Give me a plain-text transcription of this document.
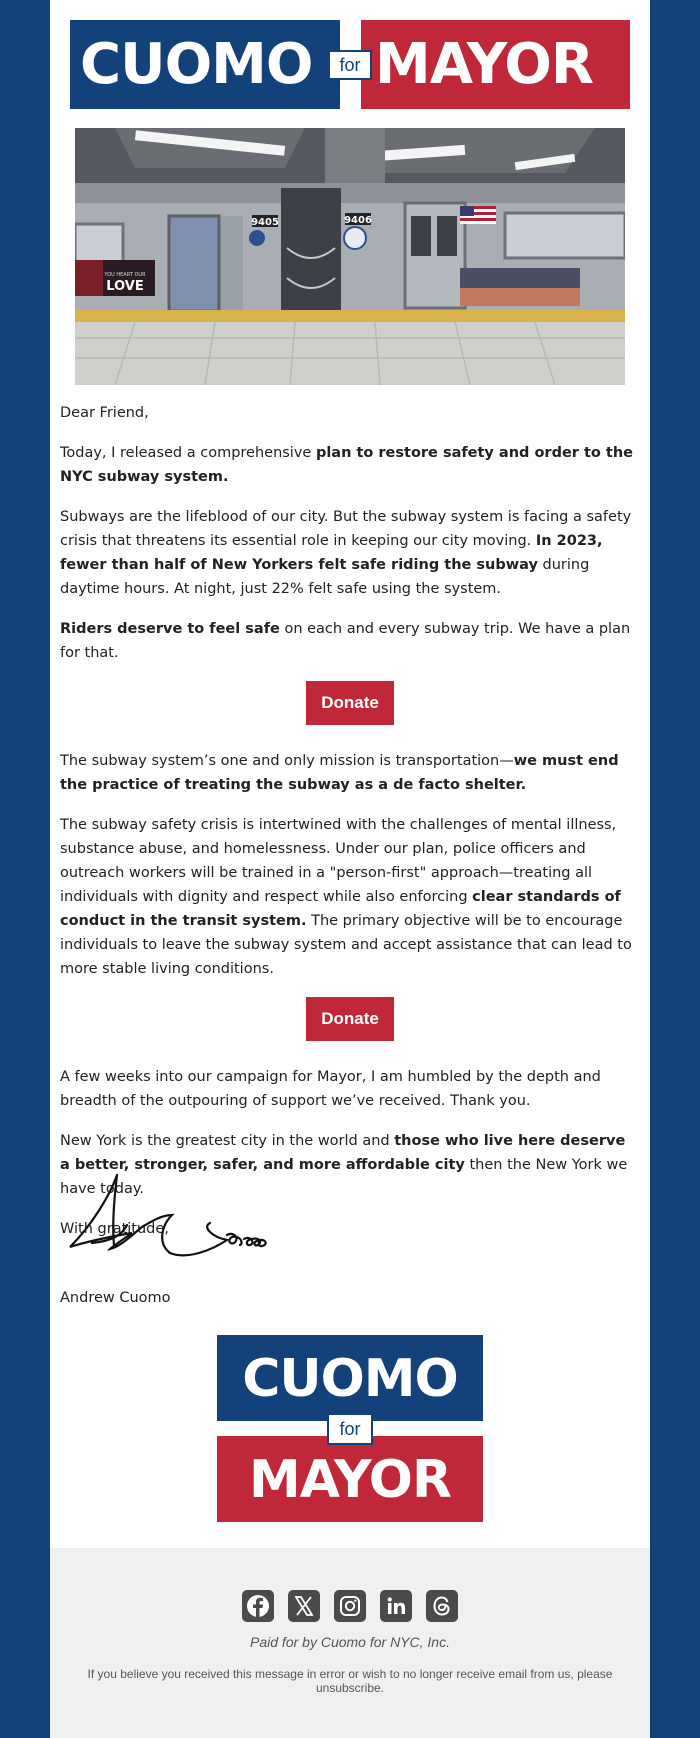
CUOMO MAYOR
for
9405	9406
YOU HEART OUR
LOVE

Dear Friend,

Today, I released a comprehensive plan to restore safety and order to the NYC subway system.

Subways are the lifeblood of our city. But the subway system is facing a safety crisis that threatens its essential role in keeping our city moving. In 2023, fewer than half of New Yorkers felt safe riding the subway during daytime hours. At night, just 22% felt safe using the system.

Riders deserve to feel safe on each and every subway trip. We have a plan for that.

Donate

The subway system’s one and only mission is transportation—we must end the practice of treating the subway as a de facto shelter.

The subway safety crisis is intertwined with the challenges of mental illness, substance abuse, and homelessness. Under our plan, police officers and outreach workers will be trained in a "person-first" approach—treating all individuals with dignity and respect while also enforcing clear standards of conduct in the transit system. The primary objective will be to encourage individuals to leave the subway system and accept assistance that can lead to more stable living conditions.

Donate

A few weeks into our campaign for Mayor, I am humbled by the depth and breadth of the outpouring of support we’ve received. Thank you.

New York is the greatest city in the world and those who live here deserve a better, stronger, safer, and more affordable city then the New York we have today.

With gratitude,

Andrew Cuomo
CUOMO
MAYOR
for
Paid for by Cuomo for NYC, Inc.
If you believe you received this message in error or wish to no longer receive email from us, please unsubscribe.
